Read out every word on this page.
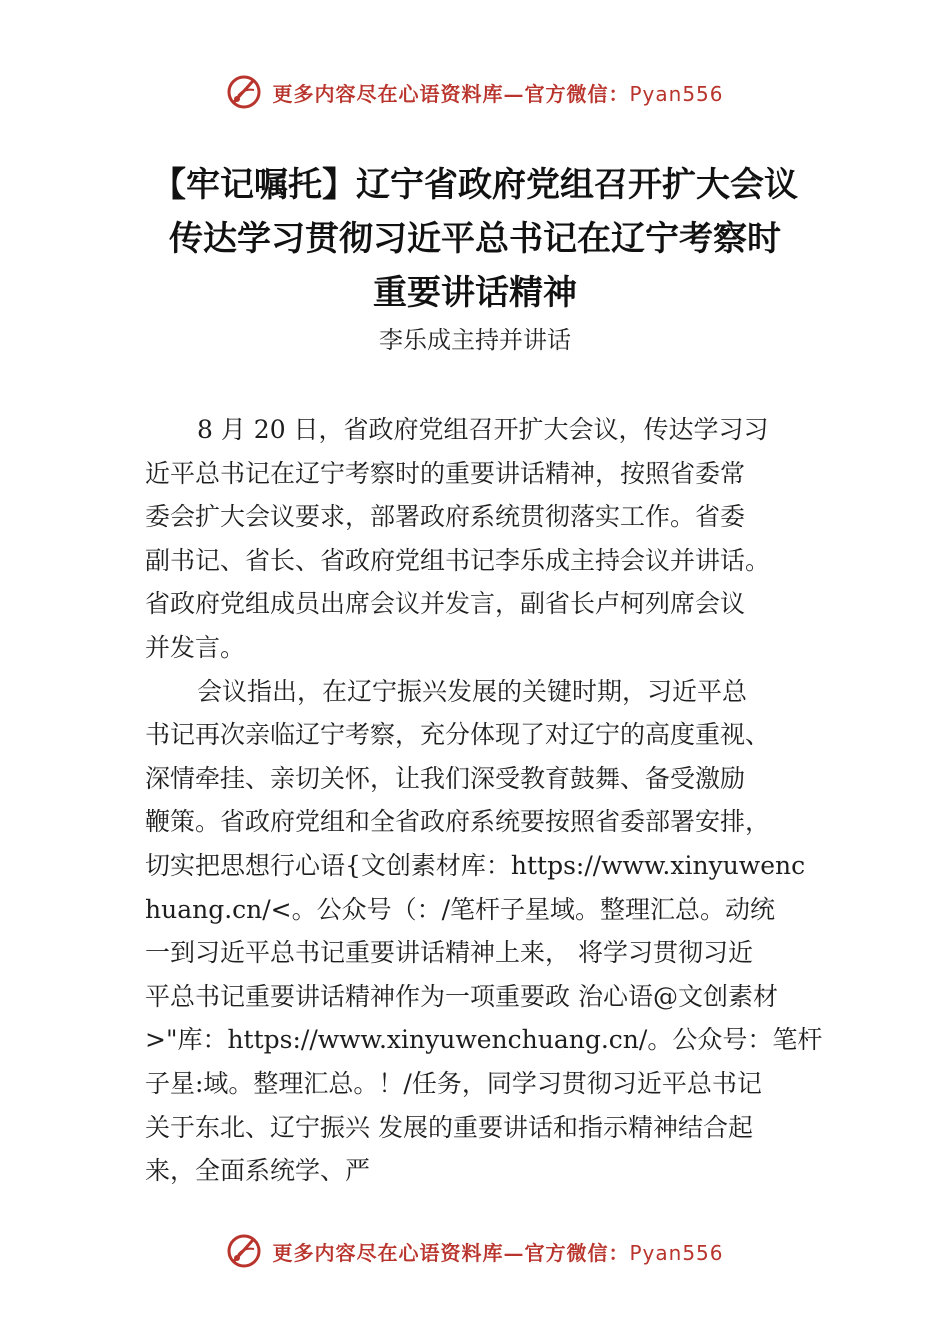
更多内容尽在心语资料库—官方微信：Pyan556
【牢记嘱托】辽宁省政府党组召开扩大会议
传达学习贯彻习近平总书记在辽宁考察时
重要讲话精神
李乐成主持并讲话
8 月 20 日，省政府党组召开扩大会议，传达学习习
近平总书记在辽宁考察时的重要讲话精神，按照省委常
委会扩大会议要求，部署政府系统贯彻落实工作。省委
副书记、省长、省政府党组书记李乐成主持会议并讲话。
省政府党组成员出席会议并发言，副省长卢柯列席会议
并发言。
会议指出，在辽宁振兴发展的关键时期，习近平总
书记再次亲临辽宁考察，充分体现了对辽宁的高度重视、
深情牵挂、亲切关怀，让我们深受教育鼓舞、备受激励
鞭策。省政府党组和全省政府系统要按照省委部署安排，
切实把思想行心语{文创素材库：https://www.xinyuwenc
huang.cn/<。公众号（：/笔杆子星域。整理汇总。动统
一到习近平总书记重要讲话精神上来， 将学习贯彻习近
平总书记重要讲话精神作为一项重要政 治心语@文创素材
>"库：https://www.xinyuwenchuang.cn/。公众号：笔杆
子星:域。整理汇总。！/任务，同学习贯彻习近平总书记
关于东北、辽宁振兴 发展的重要讲话和指示精神结合起
来，全面系统学、严
更多内容尽在心语资料库—官方微信：Pyan556
